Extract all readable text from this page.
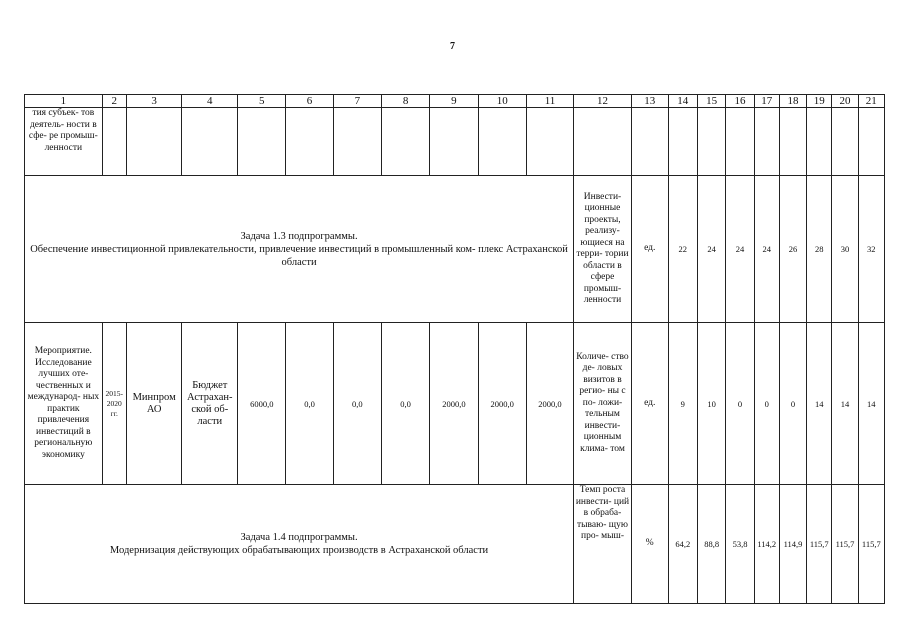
7
1	2	3	4	5	6	7	8	9	10	11	12	13	14	15	16	17	18	19	20	21
тия субъек- тов деятель- ности в сфе- ре промыш- ленности																				

Задача 1.3 подпрограммы.
Обеспечение инвестиционной привлекательности, привлечение инвестиций в промышленный ком- плекс Астраханской области											Инвести- ционные проекты, реализу- ющиеся на терри- тории области в сфере промыш- ленности	ед.	22	24	24	24	26	28	30	32
Мероприятие. Исследование лучших оте- чественных и международ- ных практик привлечения инвестиций в региональную экономику	2015- 2020 гг.	Минпром АО	Бюджет Астрахан- ской об- ласти	6000,0	0,0	0,0	0,0	2000,0	2000,0	2000,0	Количе- ство де- ловых визитов в регио- ны с по- ложи- тельным инвести- ционным клима- том	ед.	9	10	0	0	0	14	14	14

Задача 1.4 подпрограммы.
Модернизация действующих обрабатывающих производств в Астраханской области											Темп роста инвести- ций в обраба- тываю- щую про- мыш-	%	64,2	88,8	53,8	114,2	114,9	115,7	115,7	115,7
